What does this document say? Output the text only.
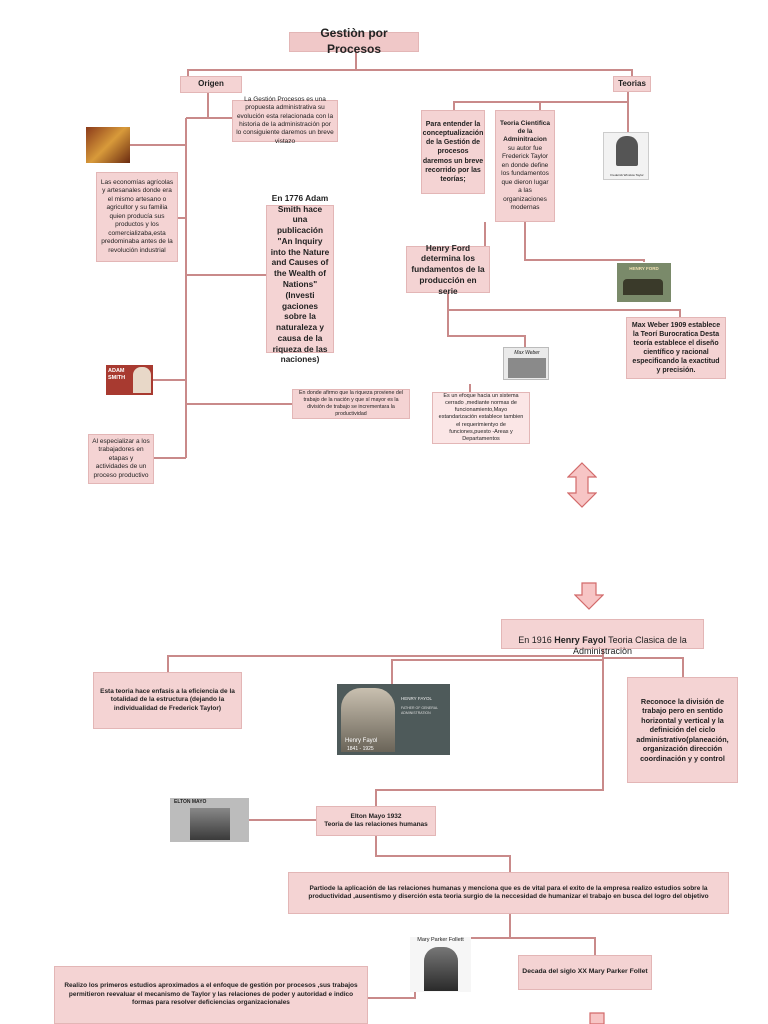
Gestiòn por Procesos
Origen
La Gestión Procesos es una propuesta administrativa su evolución esta relacionada con la historia de la administración por lo consiguiente daremos un breve vistazo
Las economías agrícolas y artesanales donde era el mismo artesano o agricultor y su familia quien producía sus productos y los comercializaba,esta predominaba antes de la revolución industrial
En 1776 Adam Smith hace una publicación "An Inquiry into the Nature and Causes of the Wealth of Nations" (Investi gaciones sobre la naturaleza y causa de la riqueza de las naciones)
ADAM SMITH
En donde afirmo que la riqueza proviene del trabajo de la nación y que sí mayor es la división de trabajo se incrementara la productividad
Al especializar a los trabajadores en etapas y actividades de un proceso productivo
Teorias
Para entender la conceptualización de la Gestión de procesos daremos un breve recorrido por las teorías;
Teoria Cientifica de la Adminitracion
su autor fue Frederick Taylor en donde define los fundamentos que dieron lugar a las organizaciones modernas
Frederick Winslow Taylor
Henry Ford determina los fundamentos de la producción en serie
HENRY FORD
Max Weber 1909 establece la Teorí Burocratica Desta teoría establece el diseño científico y racional especificando la exactitud y precisión.
Max Weber
Es un efoque hacia un sistema cerrado ,mediante normas de funcionamiento,Mayo estandarización establece tambien el requerimientyo de funciones,puesto -Areas y Departamentos

En 1916 Henry Fayol Teoria Clasica de la Administraciòn

Esta teoria hace enfasis a la eficiencia de la totalidad de la estructura (dejando la individualidad de Frederick Taylor)
Henry Fayol
1841 - 1925
HENRY FAYOL
FATHER OF GENERAL ADMINISTRATION
Reconoce la división de trabajo pero en sentido horizontal y vertical y la definición del ciclo administrativo(planeación, organización dirección coordinación y y control
ELTON MAYO
Elton Mayo 1932
Teoria de las relaciones humanas
Partiode la aplicación de las relaciones humanas y menciona que es de vital para el exito de la empresa realizo estudios sobre la productividad ,ausentismo y diserción esta teoria surgio de la neccesidad de humanizar el trabajo en busca del logro del objetivo
Mary Parker Follett
Decada del siglo XX Mary Parker Follet
Realizo los primeros estudios aproximados a el enfoque de gestión por procesos ,sus trabajos permitieron reevaluar el mecanismo de Taylor y las relaciones de poder y autoridad e indico formas para resolver deficiencias organizacionales
